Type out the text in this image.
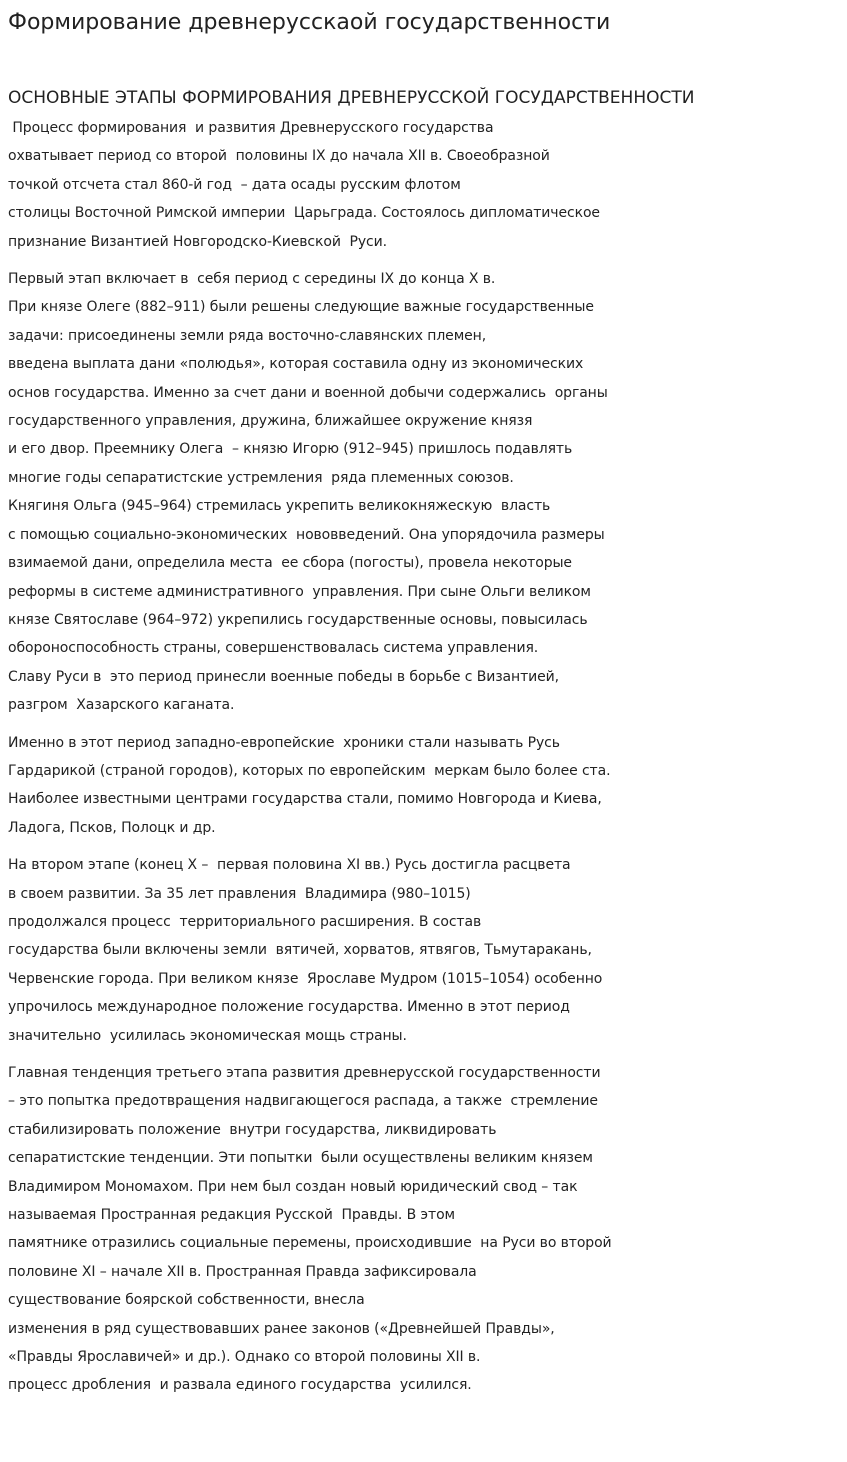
Формирование древнерусскаой государственности
ОСНОВНЫЕ ЭТАПЫ ФОРМИРОВАНИЯ ДРЕВНЕРУССКОЙ ГОСУДАРСТВЕННОСТИ
Процесс формирования  и развития Древнерусского государства
охватывает период со второй  половины IX до начала XII в. Своеобразной
точкой отсчета стал 860-й год  – дата осады русским флотом
столицы Восточной Римской империи  Царьграда. Состоялось дипломатическое
признание Византией Новгородско-Киевской  Руси.
Первый этап включает в  себя период с середины IX до конца X в.
При князе Олеге (882–911) были решены следующие важные государственные
задачи: присоединены земли ряда восточно-славянских племен,
введена выплата дани «полюдья», которая составила одну из экономических
основ государства. Именно за счет дани и военной добычи содержались  органы
государственного управления, дружина, ближайшее окружение князя
и его двор. Преемнику Олега  – князю Игорю (912–945) пришлось подавлять
многие годы сепаратистские устремления  ряда племенных союзов.
Княгиня Ольга (945–964) стремилась укрепить великокняжескую  власть
с помощью социально-экономических  нововведений. Она упорядочила размеры
взимаемой дани, определила места  ее сбора (погосты), провела некоторые
реформы в системе административного  управления. При сыне Ольги великом
князе Святославе (964–972) укрепились государственные основы, повысилась
обороноспособность страны, совершенствовалась система управления.
Славу Руси в  это период принесли военные победы в борьбе с Византией,
разгром  Хазарского каганата.
Именно в этот период западно-европейские  хроники стали называть Русь
Гардарикой (страной городов), которых по европейским  меркам было более ста.
Наиболее известными центрами государства стали, помимо Новгорода и Киева,
Ладога, Псков, Полоцк и др.
На втором этапе (конец X –  первая половина XI вв.) Русь достигла расцвета
в своем развитии. За 35 лет правления  Владимира (980–1015)
продолжался процесс  территориального расширения. В состав
государства были включены земли  вятичей, хорватов, ятвягов, Тьмутаракань,
Червенские города. При великом князе  Ярославе Мудром (1015–1054) особенно
упрочилось международное положение государства. Именно в этот период
значительно  усилилась экономическая мощь страны.
Главная тенденция третьего этапа развития древнерусской государственности
– это попытка предотвращения надвигающегося распада, а также  стремление
стабилизировать положение  внутри государства, ликвидировать
сепаратистские тенденции. Эти попытки  были осуществлены великим князем
Владимиром Мономахом. При нем был создан новый юридический свод – так
называемая Пространная редакция Русской  Правды. В этом
памятнике отразились социальные перемены, происходившие  на Руси во второй
половине XI – начале XII в. Пространная Правда зафиксировала
существование боярской собственности, внесла
изменения в ряд существовавших ранее законов («Древнейшей Правды»,
«Правды Ярославичей» и др.). Однако со второй половины XII в.
процесс дробления  и развала единого государства  усилился.
